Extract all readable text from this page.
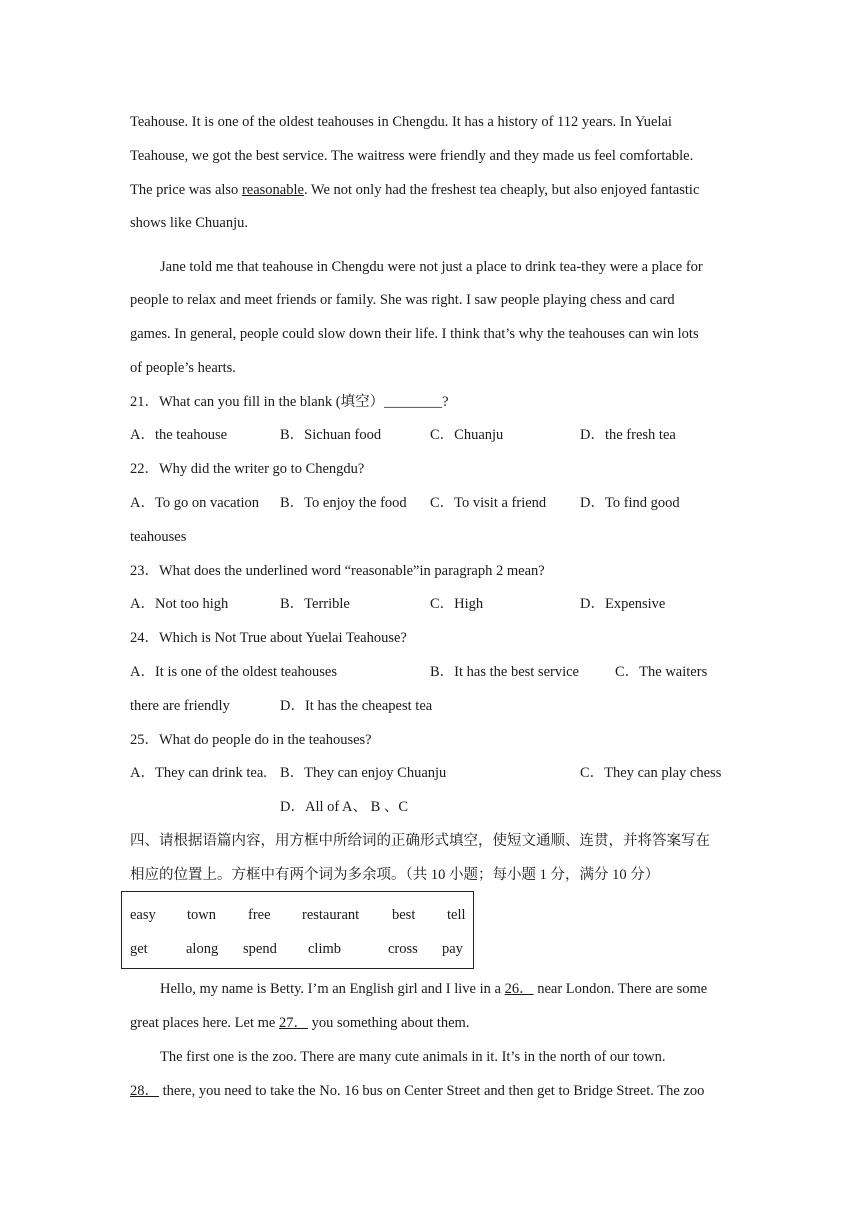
Teahouse. It is one of the oldest teahouses in Chengdu. It has a history of 112 years. In Yuelai
Teahouse, we got the best service. The waitress were friendly and they made us feel comfortable.
The price was also reasonable. We not only had the freshest tea cheaply, but also enjoyed fantastic
shows like Chuanju.
Jane told me that teahouse in Chengdu were not just a place to drink tea-they were a place for
people to relax and meet friends or family. She was right. I saw people playing chess and card
games. In general, people could slow down their life. I think that’s why the teahouses can win lots
of people’s hearts.
21．What can you fill in the blank (填空）________?
A．the teahouse	B．Sichuan food	C．Chuanju	D．the fresh tea
22．Why did the writer go to Chengdu?
A．To go on vacation B．To enjoy the food C．To visit a friend D．To find good
teahouses
23．What does the underlined word “reasonable”in paragraph 2 mean?
A．Not too high	B．Terrible	C．High	D．Expensive
24．Which is Not True about Yuelai Teahouse?
A．It is one of the oldest teahouses	B．It has the best service C．The waiters
there are friendly	D．It has the cheapest tea
25．What do people do in the teahouses?
A．They can drink tea. B．They can enjoy Chuanju	C．They can play chess
D．All of A、 B 、C
四、请根据语篇内容，用方框中所给词的正确形式填空，使短文通顺、连贯，并将答案写在
相应的位置上。方框中有两个词为多余项。（共 10 小题；每小题 1 分，满分 10 分）
easy town free restaurant best tell
get	along spend climb	cross pay
Hello, my name is Betty. I’m an English girl and I live in a 26． near London. There are some
great places here. Let me 27． you something about them.
The first one is the zoo. There are many cute animals in it. It’s in the north of our town.
28． there, you need to take the No. 16 bus on Center Street and then get to Bridge Street. The zoo
